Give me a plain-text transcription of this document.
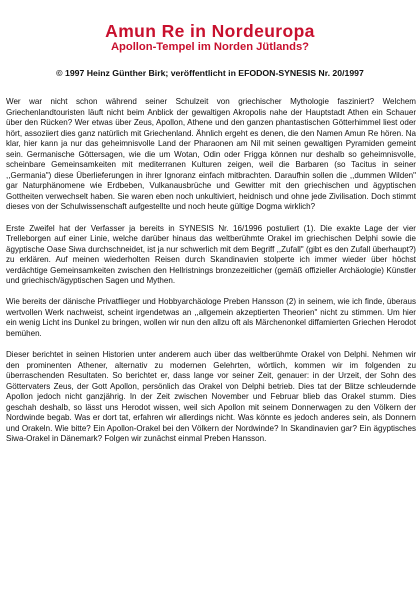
Amun Re in Nordeuropa
Apollon-Tempel im Norden Jütlands?
© 1997 Heinz Günther Birk; veröffentlicht in EFODON-SYNESIS Nr. 20/1997

Wer war nicht schon während seiner Schulzeit von griechischer Mythologie fasziniert? Welchem Griechenlandtouristen läuft nicht beim Anblick der gewaltigen Akropolis nahe der Hauptstadt Athen ein Schauer über den Rücken? Wer etwas über Zeus, Apollon, Athene und den ganzen phantastischen Götterhimmel liest oder hört, assoziiert dies ganz natürlich mit Griechenland. Ähnlich ergeht es denen, die den Namen Amun Re hören. Na klar, hier kann ja nur das geheimnisvolle Land der Pharaonen am Nil mit seinen gewaltigen Pyramiden gemeint sein. Germanische Göttersagen, wie die um Wotan, Odin oder Frigga können nur deshalb so geheimnisvolle, scheinbare Gemeinsamkeiten mit mediterranen Kulturen zeigen, weil die Barbaren (so Tacitus in seiner ,,Germania") diese Überlieferungen in ihrer Ignoranz einfach mitbrachten. Daraufhin sollen die ,,dummen Wilden" gar Naturphänomene wie Erdbeben, Vulkanausbrüche und Gewitter mit den griechischen und ägyptischen Gottheiten verwechselt haben. Sie waren eben noch unkultiviert, heidnisch und ohne jede Zivilisation. Doch stimmt dieses von der Schulwissenschaft aufgestellte und noch heute gültige Dogma wirklich?

Erste Zweifel hat der Verfasser ja bereits in SYNESIS Nr. 16/1996 postuliert (1). Die exakte Lage der vier Trelleborgen auf einer Linie, welche darüber hinaus das weltberühmte Orakel im griechischen Delphi sowie die ägyptische Oase Siwa durchschneidet, ist ja nur schwerlich mit dem Begriff ,,Zufall" (gibt es den Zufall überhaupt?) zu erklären. Auf meinen wiederholten Reisen durch Skandinavien stolperte ich immer wieder über höchst verdächtige Gemeinsamkeiten zwischen den Hellristnings bronzezeitlicher (gemäß offizieller Archäologie) Künstler und griechisch/ägyptischen Sagen und Mythen.

Wie bereits der dänische Privatflieger und Hobbyarchäologe Preben Hansson (2) in seinem, wie ich finde, überaus wertvollen Werk nachweist, scheint irgendetwas an ,,allgemein akzeptierten Theorien" nicht zu stimmen. Um hier ein wenig Licht ins Dunkel zu bringen, wollen wir nun den allzu oft als Märchenonkel diffamierten Griechen Herodot bemühen.

Dieser berichtet in seinen Historien unter anderem auch über das weltberühmte Orakel von Delphi. Nehmen wir den prominenten Athener, alternativ zu modernen Gelehrten, wörtlich, kommen wir im folgenden zu überraschenden Resultaten. So berichtet er, dass lange vor seiner Zeit, genauer: in der Urzeit, der Sohn des Göttervaters Zeus, der Gott Apollon, persönlich das Orakel von Delphi betrieb. Dies tat der Blitze schleudernde Apollon jedoch nicht ganzjährig. In der Zeit zwischen November und Februar blieb das Orakel stumm. Dies geschah deshalb, so lässt uns Herodot wissen, weil sich Apollon mit seinem Donnerwagen zu den Völkern der Nordwinde begab. Was er dort tat, erfahren wir allerdings nicht. Was könnte es jedoch anderes sein, als Donnern und Orakeln. Wie bitte? Ein Apollon-Orakel bei den Völkern der Nordwinde? In Skandinavien gar? Ein ägyptisches Siwa-Orakel in Dänemark? Folgen wir zunächst einmal Preben Hansson.
